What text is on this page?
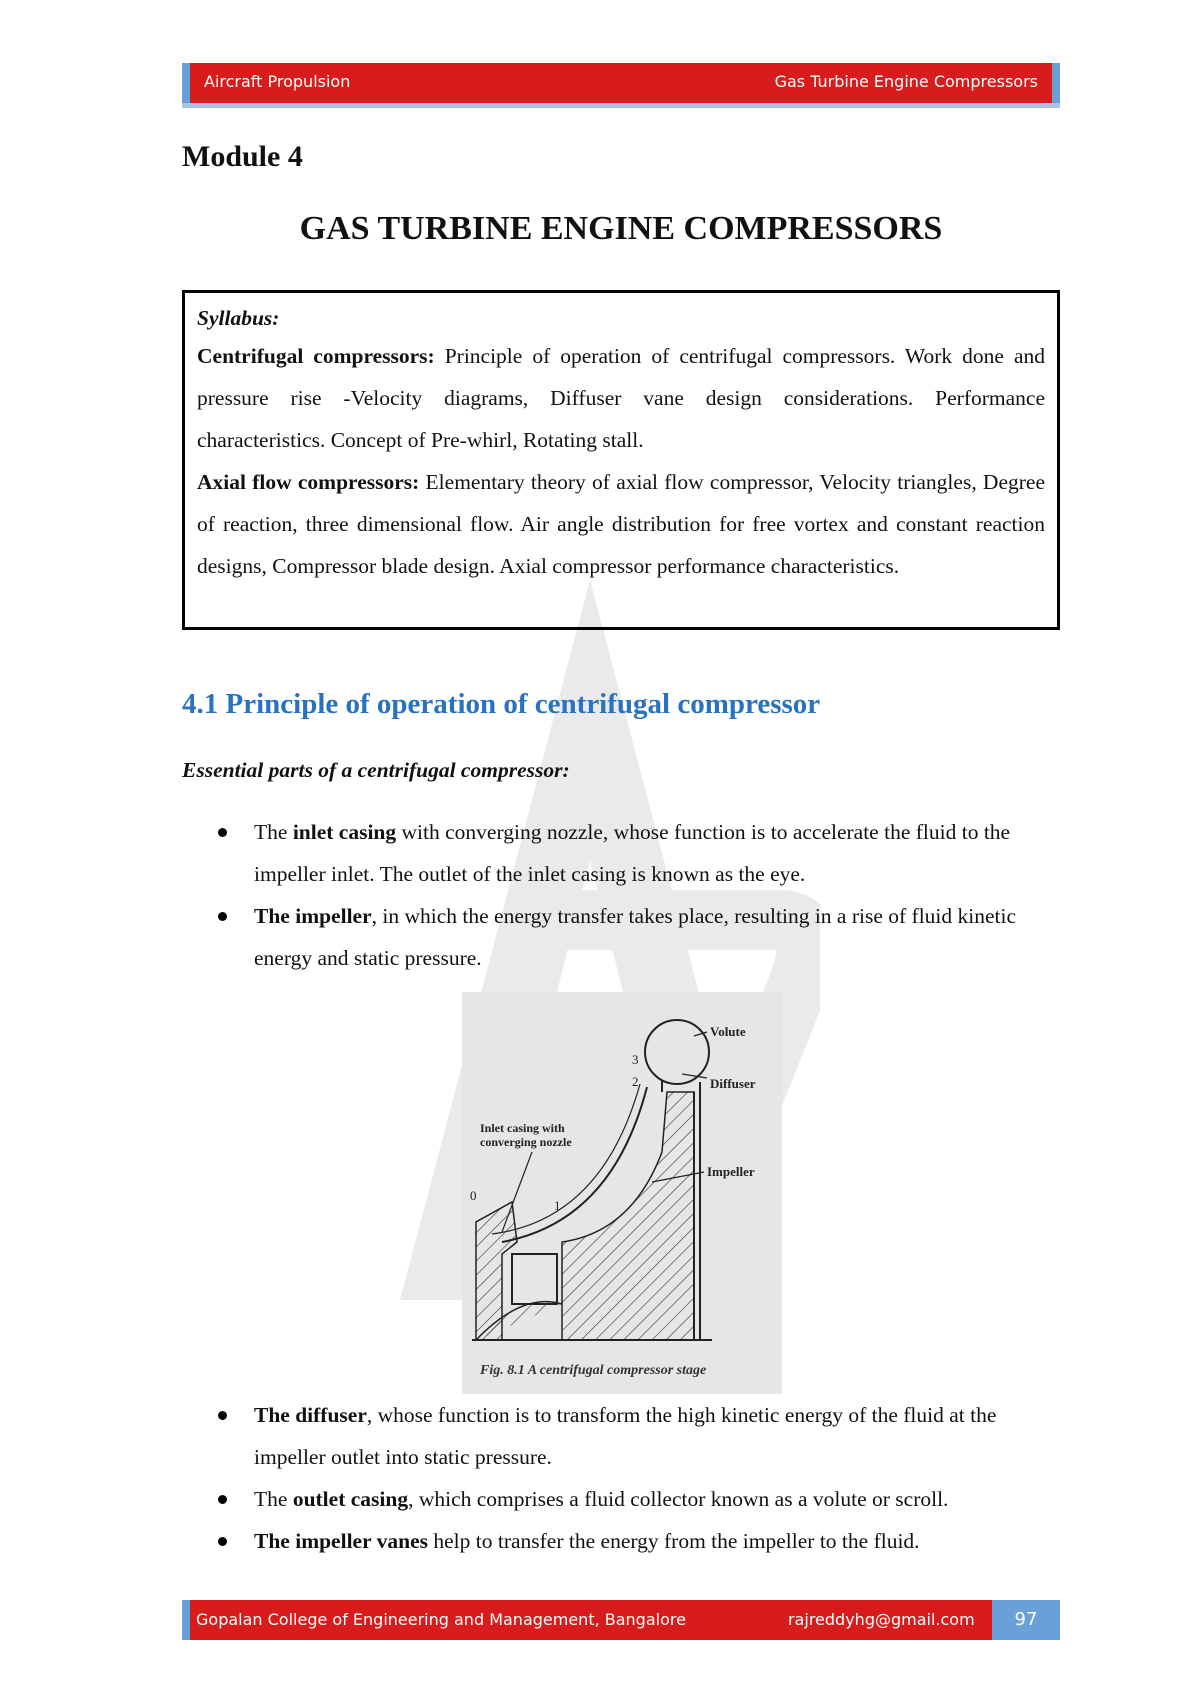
Aircraft Propulsion	Gas Turbine Engine Compressors
Module 4
GAS TURBINE ENGINE COMPRESSORS

Syllabus:

Centrifugal compressors: Principle of operation of centrifugal compressors. Work done and pressure rise -Velocity diagrams, Diffuser vane design considerations. Performance characteristics. Concept of Pre-whirl, Rotating stall.

Axial flow compressors: Elementary theory of axial flow compressor, Velocity triangles, Degree of reaction, three dimensional flow. Air angle distribution for free vortex and constant reaction designs, Compressor blade design. Axial compressor performance characteristics.

4.1 Principle of operation of centrifugal compressor
Essential parts of a centrifugal compressor:
The inlet casing with converging nozzle, whose function is to accelerate the fluid to the impeller inlet. The outlet of the inlet casing is known as the eye.
The impeller, in which the energy transfer takes place, resulting in a rise of fluid kinetic energy and static pressure.
Volute
Diffuser
Impeller
Inlet casing with
converging nozzle
0
1
2
3
Fig. 8.1 A centrifugal compressor stage
The diffuser, whose function is to transform the high kinetic energy of the fluid at the impeller outlet into static pressure.
The outlet casing, which comprises a fluid collector known as a volute or scroll.
The impeller vanes help to transfer the energy from the impeller to the fluid.
Gopalan College of Engineering and Management, Bangalore	rajreddyhg@gmail.com	97
